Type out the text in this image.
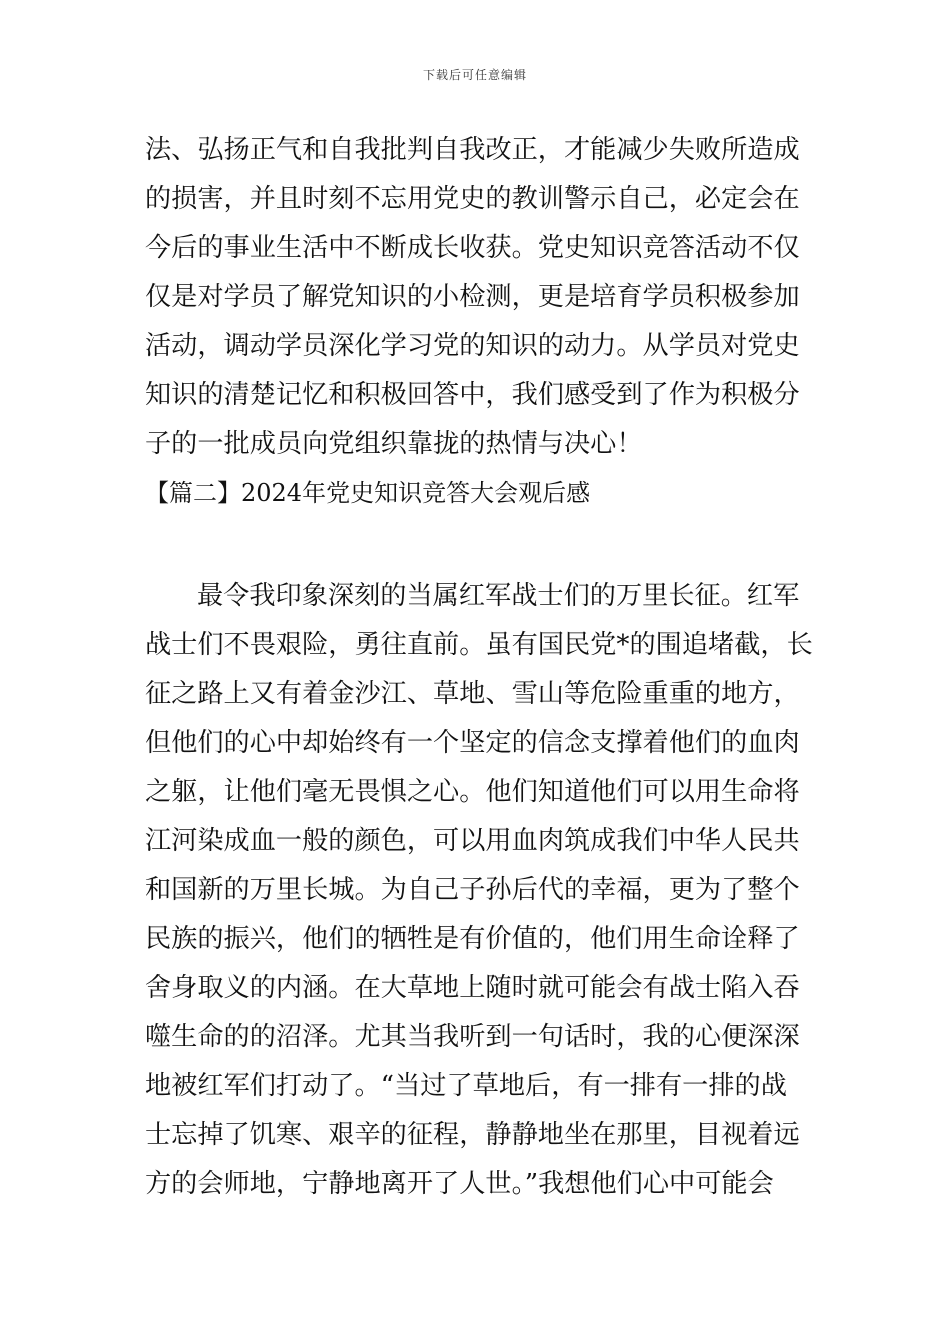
下载后可任意编辑
法、弘扬正气和自我批判自我改正，才能减少失败所造成
的损害，并且时刻不忘用党史的教训警示自己，必定会在
今后的事业生活中不断成长收获。党史知识竞答活动不仅
仅是对学员了解党知识的小检测，更是培育学员积极参加
活动，调动学员深化学习党的知识的动力。从学员对党史
知识的清楚记忆和积极回答中，我们感受到了作为积极分
子的一批成员向党组织靠拢的热情与决心！
【篇二】2024年党史知识竞答大会观后感
最令我印象深刻的当属红军战士们的万里长征。红军
战士们不畏艰险，勇往直前。虽有国民党*的围追堵截，长
征之路上又有着金沙江、草地、雪山等危险重重的地方，
但他们的心中却始终有一个坚定的信念支撑着他们的血肉
之躯，让他们毫无畏惧之心。他们知道他们可以用生命将
江河染成血一般的颜色，可以用血肉筑成我们中华人民共
和国新的万里长城。为自己子孙后代的幸福，更为了整个
民族的振兴，他们的牺牲是有价值的，他们用生命诠释了
舍身取义的内涵。在大草地上随时就可能会有战士陷入吞
噬生命的的沼泽。尤其当我听到一句话时，我的心便深深
地被红军们打动了。“当过了草地后，有一排有一排的战
士忘掉了饥寒、艰辛的征程，静静地坐在那里，目视着远
方的会师地，宁静地离开了人世。”我想他们心中可能会
